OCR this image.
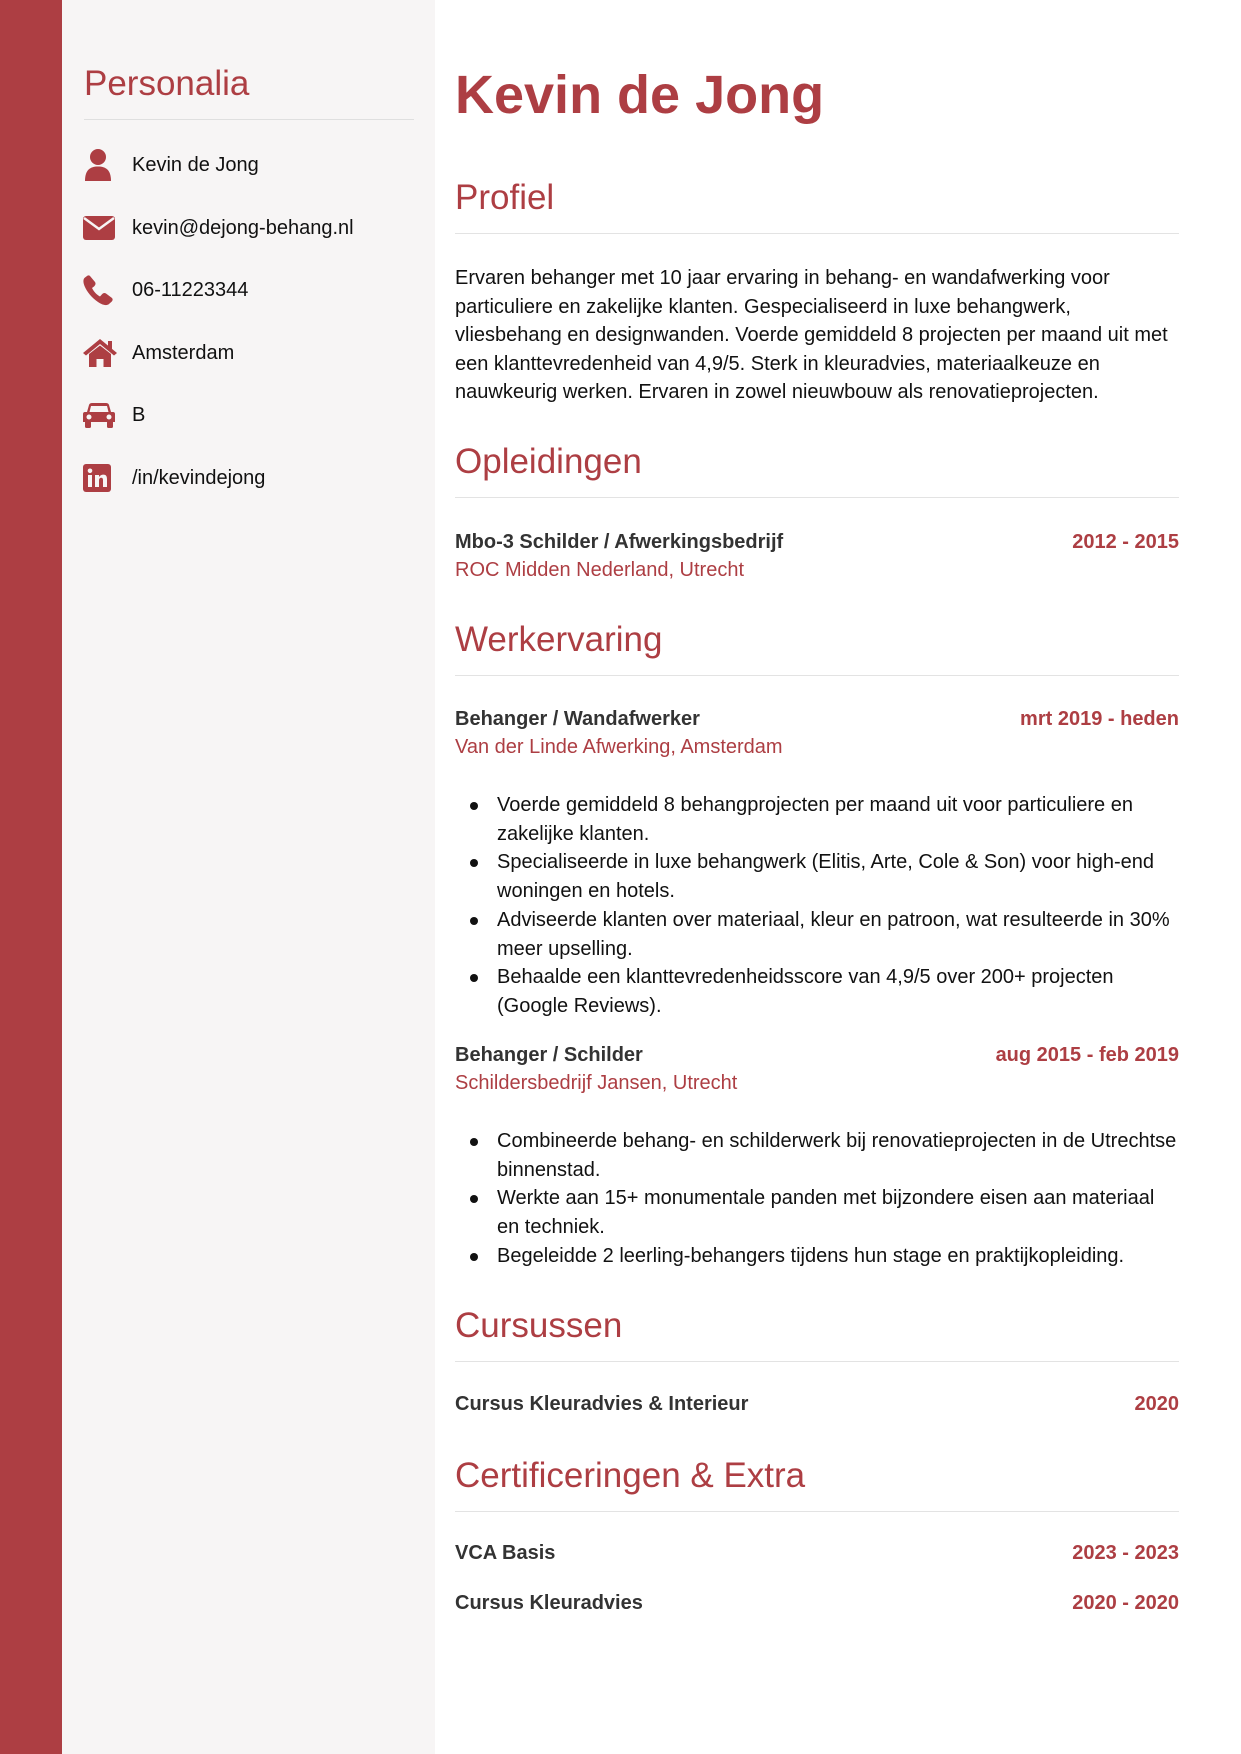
Personalia
Kevin de Jong
kevin@dejong-behang.nl
06-11223344
Amsterdam
B
/in/kevindejong
Kevin de Jong
Profiel

Ervaren behanger met 10 jaar ervaring in behang- en wandafwerking voor particuliere en zakelijke klanten. Gespecialiseerd in luxe behangwerk, vliesbehang en designwanden. Voerde gemiddeld 8 projecten per maand uit met een klanttevredenheid van 4,9/5. Sterk in kleuradvies, materiaalkeuze en nauwkeurig werken. Ervaren in zowel nieuwbouw als renovatieprojecten.

Opleidingen
Mbo-3 Schilder / Afwerkingsbedrijf	2012 - 2015
ROC Midden Nederland, Utrecht
Werkervaring
Behanger / Wandafwerker	mrt 2019 - heden
Van der Linde Afwerking, Amsterdam
Voerde gemiddeld 8 behangprojecten per maand uit voor particuliere en zakelijke klanten.
Specialiseerde in luxe behangwerk (Elitis, Arte, Cole & Son) voor high-end woningen en hotels.
Adviseerde klanten over materiaal, kleur en patroon, wat resulteerde in 30% meer upselling.
Behaalde een klanttevredenheidsscore van 4,9/5 over 200+ projecten (Google Reviews).
Behanger / Schilder	aug 2015 - feb 2019
Schildersbedrijf Jansen, Utrecht
Combineerde behang- en schilderwerk bij renovatieprojecten in de Utrechtse binnenstad.
Werkte aan 15+ monumentale panden met bijzondere eisen aan materiaal en techniek.
Begeleidde 2 leerling-behangers tijdens hun stage en praktijkopleiding.
Cursussen
Cursus Kleuradvies & Interieur	2020
Certificeringen & Extra
VCA Basis	2023 - 2023
Cursus Kleuradvies	2020 - 2020
